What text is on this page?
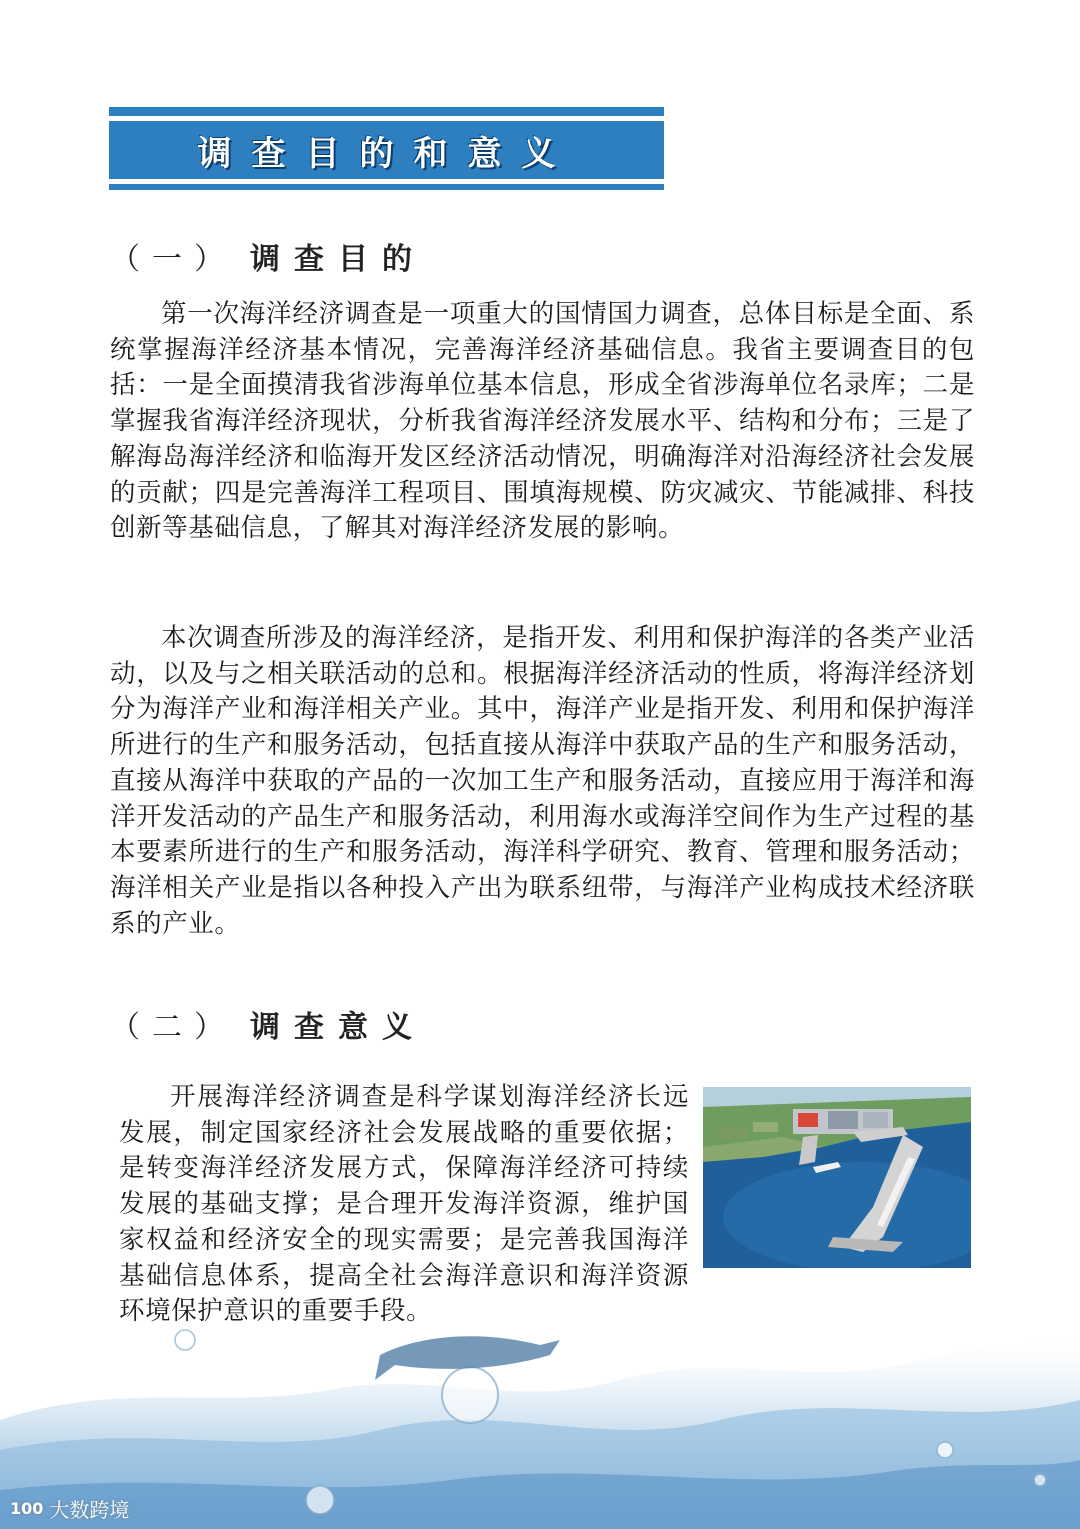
调查目的和意义
（一） 调查目的

第一次海洋经济调查是一项重大的国情国力调查，总体目标是全面、系统掌握海洋经济基本情况，完善海洋经济基础信息。我省主要调查目的包括：一是全面摸清我省涉海单位基本信息，形成全省涉海单位名录库；二是掌握我省海洋经济现状，分析我省海洋经济发展水平、结构和分布；三是了解海岛海洋经济和临海开发区经济活动情况，明确海洋对沿海经济社会发展的贡献；四是完善海洋工程项目、围填海规模、防灾减灾、节能减排、科技创新等基础信息，了解其对海洋经济发展的影响。

本次调查所涉及的海洋经济，是指开发、利用和保护海洋的各类产业活动，以及与之相关联活动的总和。根据海洋经济活动的性质，将海洋经济划分为海洋产业和海洋相关产业。其中，海洋产业是指开发、利用和保护海洋所进行的生产和服务活动，包括直接从海洋中获取产品的生产和服务活动，直接从海洋中获取的产品的一次加工生产和服务活动，直接应用于海洋和海洋开发活动的产品生产和服务活动，利用海水或海洋空间作为生产过程的基本要素所进行的生产和服务活动，海洋科学研究、教育、管理和服务活动；海洋相关产业是指以各种投入产出为联系纽带，与海洋产业构成技术经济联系的产业。

（二） 调查意义

开展海洋经济调查是科学谋划海洋经济长远发展，制定国家经济社会发展战略的重要依据；是转变海洋经济发展方式，保障海洋经济可持续发展的基础支撑；是合理开发海洋资源，维护国家权益和经济安全的现实需要；是完善我国海洋基础信息体系，提高全社会海洋意识和海洋资源环境保护意识的重要手段。

100 大数跨境
